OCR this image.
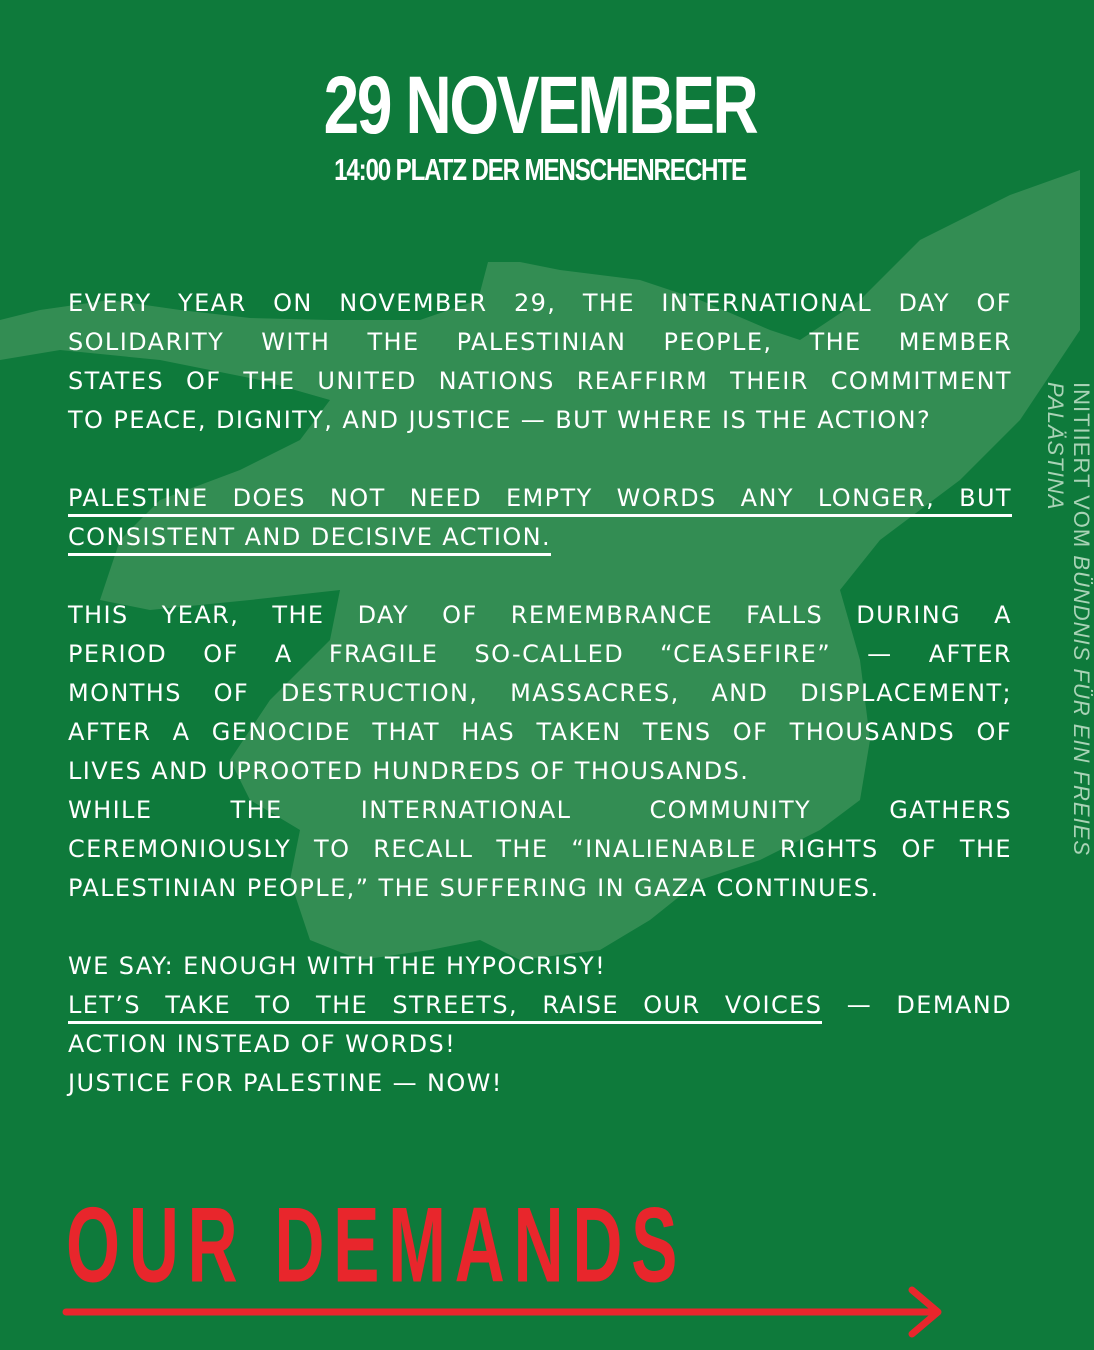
29 NOVEMBER
14:00 PLATZ DER MENSCHENRECHTE
EVERY YEAR ON NOVEMBER 29, THE INTERNATIONAL DAY OF
SOLIDARITY WITH THE PALESTINIAN PEOPLE, THE MEMBER
STATES OF THE UNITED NATIONS REAFFIRM THEIR COMMITMENT
TO PEACE, DIGNITY, AND JUSTICE — BUT WHERE IS THE ACTION?
PALESTINE DOES NOT NEED EMPTY WORDS ANY LONGER, BUT
CONSISTENT AND DECISIVE ACTION.
THIS YEAR, THE DAY OF REMEMBRANCE FALLS DURING A
PERIOD OF A FRAGILE SO-CALLED “CEASEFIRE” — AFTER
MONTHS OF DESTRUCTION, MASSACRES, AND DISPLACEMENT;
AFTER A GENOCIDE THAT HAS TAKEN TENS OF THOUSANDS OF
LIVES AND UPROOTED HUNDREDS OF THOUSANDS.
WHILE THE INTERNATIONAL COMMUNITY GATHERS
CEREMONIOUSLY TO RECALL THE “INALIENABLE RIGHTS OF THE
PALESTINIAN PEOPLE,” THE SUFFERING IN GAZA CONTINUES.
WE SAY: ENOUGH WITH THE HYPOCRISY!
LET’S TAKE TO THE STREETS, RAISE OUR VOICES — DEMAND
ACTION INSTEAD OF WORDS!
JUSTICE FOR PALESTINE — NOW!
INITIIERT VOM BÜNDNIS FÜR EIN FREIES PALÄSTINA
OUR DEMANDS
